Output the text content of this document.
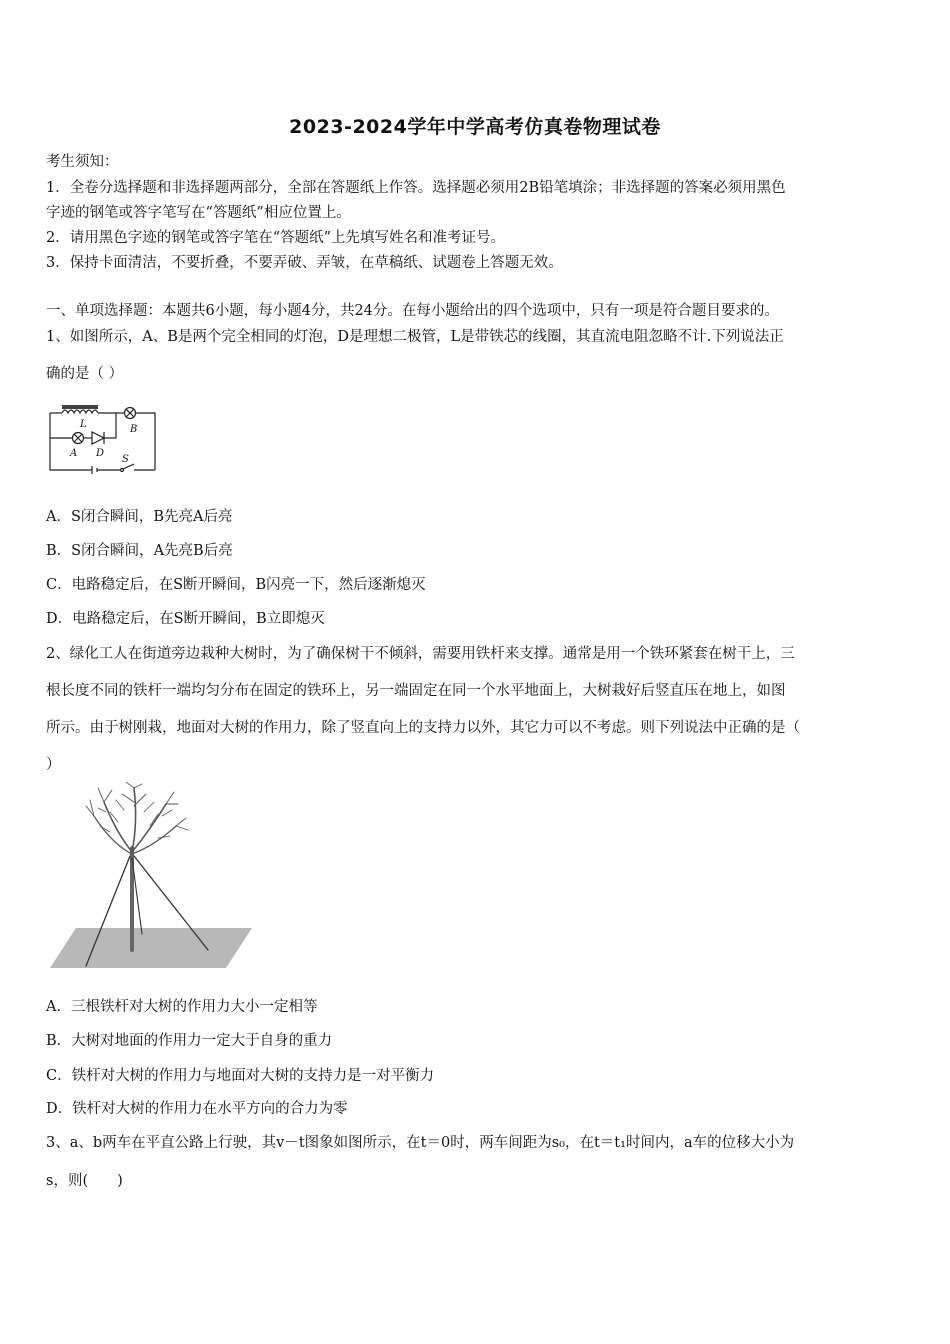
2023-2024学年中学高考仿真卷物理试卷
考生须知：
1．全卷分选择题和非选择题两部分，全部在答题纸上作答。选择题必须用2B铅笔填涂；非选择题的答案必须用黑色
字迹的钢笔或答字笔写在“答题纸”相应位置上。
2．请用黑色字迹的钢笔或答字笔在“答题纸”上先填写姓名和准考证号。
3．保持卡面清洁，不要折叠，不要弄破、弄皱，在草稿纸、试题卷上答题无效。
一、单项选择题：本题共6小题，每小题4分，共24分。在每小题给出的四个选项中，只有一项是符合题目要求的。
1、如图所示，A、B是两个完全相同的灯泡，D是理想二极管，L是带铁芯的线圈，其直流电阻忽略不计.下列说法正
确的是（ ）
L
A D
B
S
A．S闭合瞬间，B先亮A后亮
B．S闭合瞬间，A先亮B后亮
C．电路稳定后，在S断开瞬间，B闪亮一下，然后逐渐熄灭
D．电路稳定后，在S断开瞬间，B立即熄灭
2、绿化工人在街道旁边栽种大树时，为了确保树干不倾斜，需要用铁杆来支撑。通常是用一个铁环紧套在树干上，三
根长度不同的铁杆一端均匀分布在固定的铁环上，另一端固定在同一个水平地面上，大树栽好后竖直压在地上，如图
所示。由于树刚栽，地面对大树的作用力，除了竖直向上的支持力以外，其它力可以不考虑。则下列说法中正确的是（
）
A．三根铁杆对大树的作用力大小一定相等
B．大树对地面的作用力一定大于自身的重力
C．铁杆对大树的作用力与地面对大树的支持力是一对平衡力
D．铁杆对大树的作用力在水平方向的合力为零
3、a、b两车在平直公路上行驶，其v－t图象如图所示，在t＝0时，两车间距为s₀，在t＝t₁时间内，a车的位移大小为
s，则(　　)
